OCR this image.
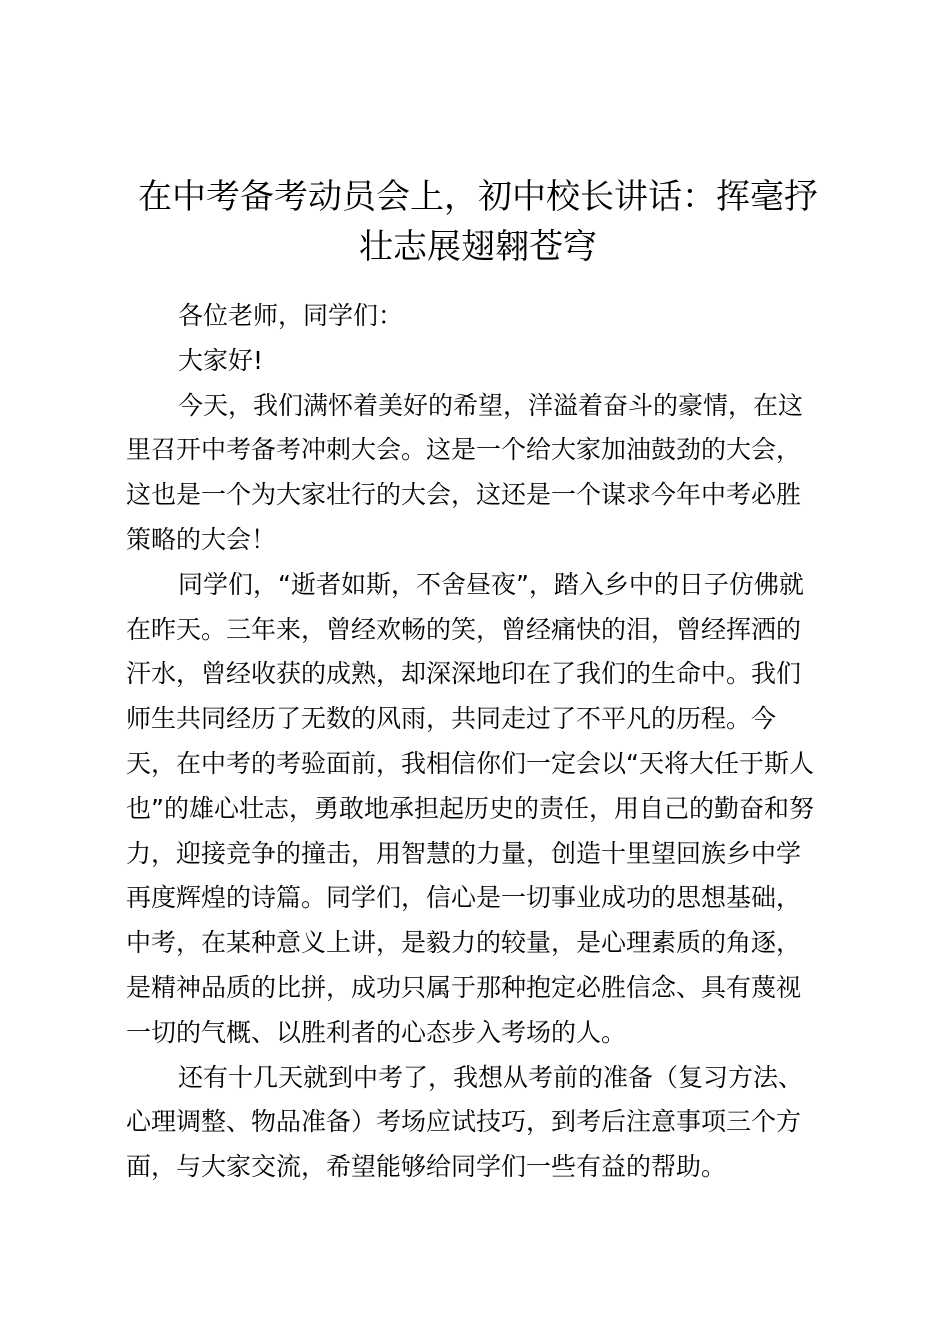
在中考备考动员会上，初中校长讲话：挥毫抒
壮志展翅翱苍穹
各位老师，同学们：
大家好!
今天，我们满怀着美好的希望，洋溢着奋斗的豪情，在这
里召开中考备考冲刺大会。这是一个给大家加油鼓劲的大会，
这也是一个为大家壮行的大会，这还是一个谋求今年中考必胜
策略的大会！
同学们，“逝者如斯，不舍昼夜”，踏入乡中的日子仿佛就
在昨天。三年来，曾经欢畅的笑，曾经痛快的泪，曾经挥洒的
汗水，曾经收获的成熟，却深深地印在了我们的生命中。我们
师生共同经历了无数的风雨，共同走过了不平凡的历程。今
天，在中考的考验面前，我相信你们一定会以“天将大任于斯人
也”的雄心壮志，勇敢地承担起历史的责任，用自己的勤奋和努
力，迎接竞争的撞击，用智慧的力量，创造十里望回族乡中学
再度辉煌的诗篇。同学们，信心是一切事业成功的思想基础，
中考，在某种意义上讲，是毅力的较量，是心理素质的角逐，
是精神品质的比拼，成功只属于那种抱定必胜信念、具有蔑视
一切的气概、以胜利者的心态步入考场的人。
还有十几天就到中考了，我想从考前的准备（复习方法、
心理调整、物品准备）考场应试技巧，到考后注意事项三个方
面，与大家交流，希望能够给同学们一些有益的帮助。
